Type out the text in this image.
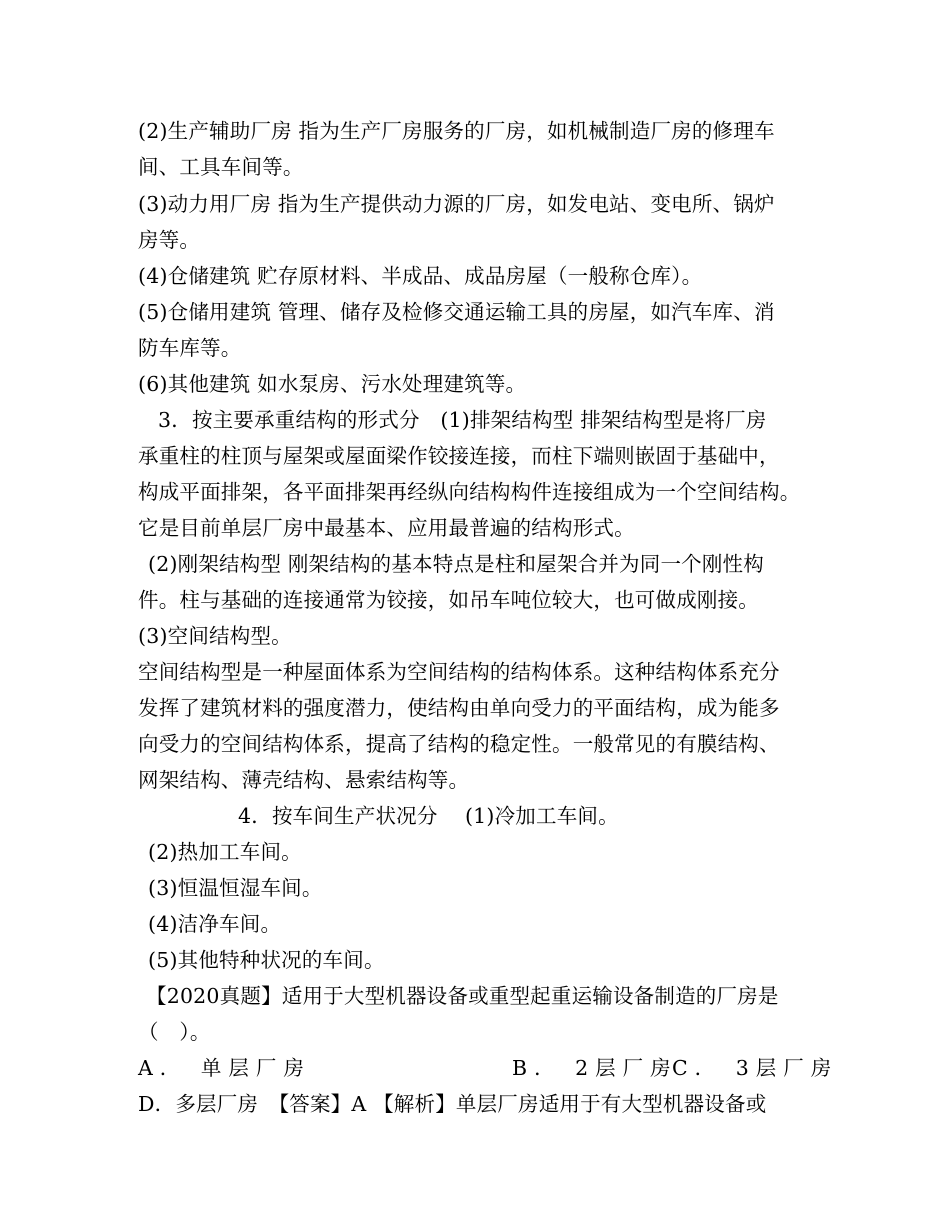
(2)生产辅助厂房 指为生产厂房服务的厂房，如机械制造厂房的修理车
间、工具车间等。
(3)动力用厂房 指为生产提供动力源的厂房，如发电站、变电所、锅炉
房等。
(4)仓储建筑 贮存原材料、半成品、成品房屋（一般称仓库）。
(5)仓储用建筑 管理、储存及检修交通运输工具的房屋，如汽车库、消
防车库等。
(6)其他建筑 如水泵房、污水处理建筑等。
3．按主要承重结构的形式分　(1)排架结构型 排架结构型是将厂房
承重柱的柱顶与屋架或屋面梁作铰接连接，而柱下端则嵌固于基础中，
构成平面排架，各平面排架再经纵向结构构件连接组成为一个空间结构。
它是目前单层厂房中最基本、应用最普遍的结构形式。
(2)刚架结构型 刚架结构的基本特点是柱和屋架合并为同一个刚性构
件。柱与基础的连接通常为铰接，如吊车吨位较大，也可做成刚接。
(3)空间结构型。
空间结构型是一种屋面体系为空间结构的结构体系。这种结构体系充分
发挥了建筑材料的强度潜力，使结构由单向受力的平面结构，成为能多
向受力的空间结构体系，提高了结构的稳定性。一般常见的有膜结构、
网架结构、薄壳结构、悬索结构等。
4．按车间生产状况分　 (1)冷加工车间。
(2)热加工车间。
(3)恒温恒湿车间。
(4)洁净车间。
(5)其他特种状况的车间。
【2020真题】适用于大型机器设备或重型起重运输设备制造的厂房是
（　）。
A． 单层厂房	B． 2层厂房
C． 3层厂房
D．多层厂房　【答案】A 【解析】单层厂房适用于有大型机器设备或
